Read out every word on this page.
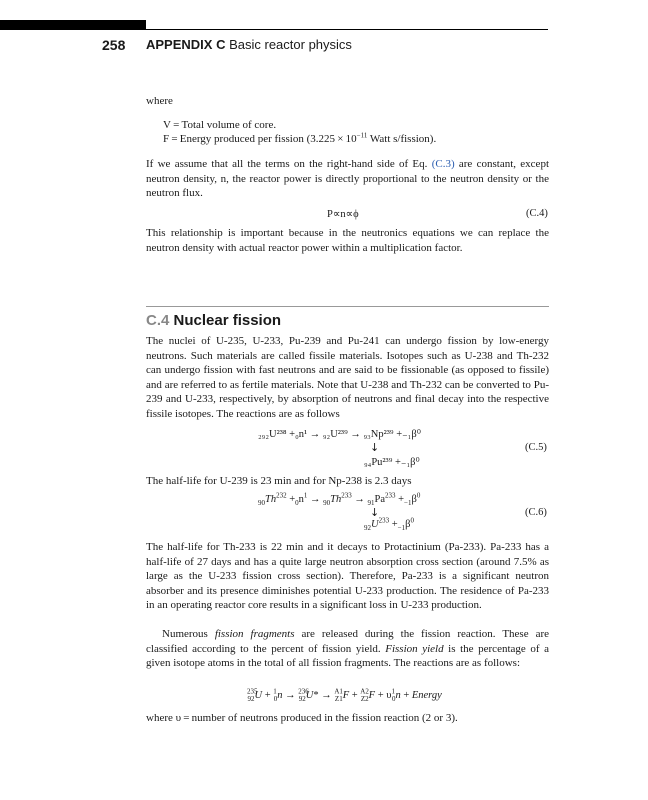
258 APPENDIX C Basic reactor physics
where
V = Total volume of core.
F = Energy produced per fission ($3.225 \times 10^{-11}$ Watt s/fission).
If we assume that all the terms on the right-hand side of Eq. (C.3) are constant, except neutron density, n, the reactor power is directly proportional to the neutron density or the neutron flux.
P∝n∝ϕ	(C.4)
This relationship is important because in the neutronics equations we can replace the neutron density with actual reactor power within a multiplication factor.
C.4 Nuclear fission
The nuclei of U-235, U-233, Pu-239 and Pu-241 can undergo fission by low-energy neutrons. Such materials are called fissile materials. Isotopes such as U-238 and Th-232 can undergo fission with fast neutrons and are said to be fissionable (as opposed to fissile) and are referred to as fertile materials. Note that U-238 and Th-232 can be converted to Pu-239 and U-233, respectively, by absorption of neutrons and final decay into the respective fissile isotopes. The reactions are as follows
₂₉₂U²³⁸ +₀n¹ → ₉₂U²³⁹ → ₉₃Np²³⁹ +₋₁β⁰
↓
₉₄Pu²³⁹ +₋₁β⁰
(C.5)
The half-life for U-239 is 23 min and for Np-238 is 2.3 days
$_{90}Th^{232} +_0n^1 \to _{90}Th^{233} \to _{91}Pa^{233} +_{-1}\beta^0$
↓
$_{92}U^{233} +_{-1}\beta^0$
(C.6)
The half-life for Th-233 is 22 min and it decays to Protactinium (Pa-233). Pa-233 has a half-life of 27 days and has a quite large neutron absorption cross section (around 7.5% as large as the U-233 fission cross section). Therefore, Pa-233 is a significant neutron absorber and its presence diminishes potential U-233 production. The residence of Pa-233 in an operating reactor core results in a significant loss in U-233 production.
Numerous fission fragments are released during the fission reaction. These are classified according to the percent of fission yield. Fission yield is the percentage of a given isotope atoms in the total of all fission fragments. The reactions are as follows:
$^{235}_{92}U + ^1_0n \to ^{236}_{92}U* \to ^{A1}_{Z1}F + ^{A2}_{Z2}F + \upsilon^1_0n$ + Energy
where υ = number of neutrons produced in the fission reaction (2 or 3).
